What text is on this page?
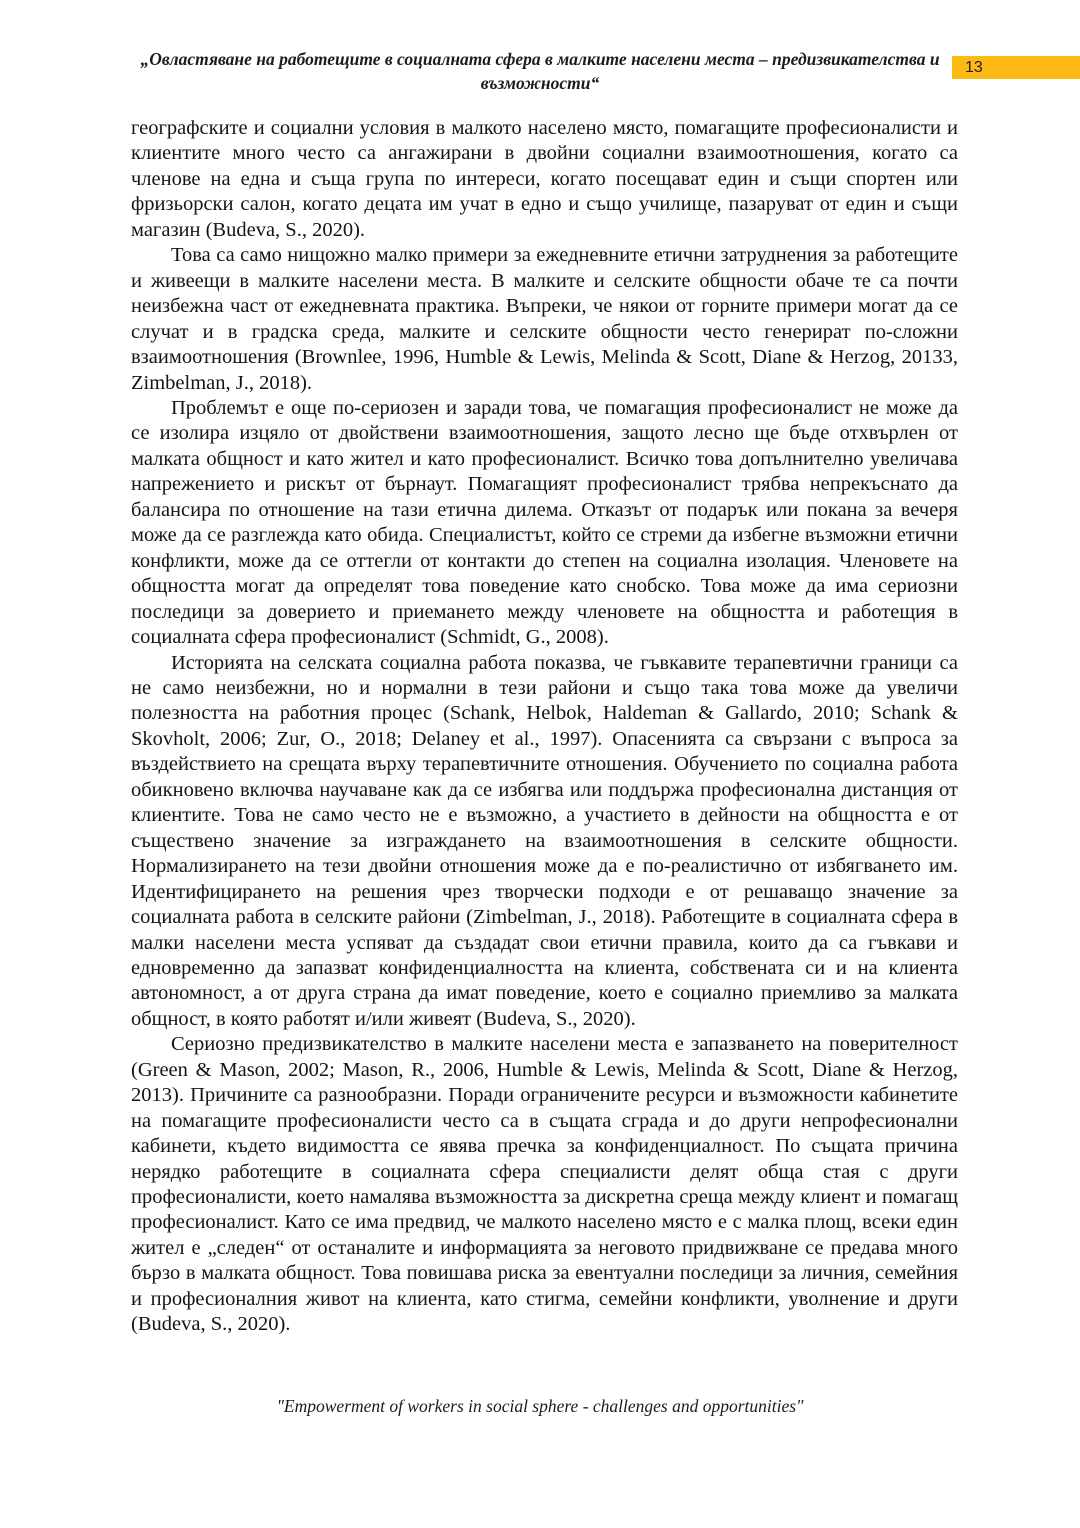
„Овластяване на работещите в социалната сфера в малките населени места – предизвикателства и възможности“
13

географските и социални условия в малкото населено място, помагащите професионалисти и клиентите много често са ангажирани в двойни социални взаимоотношения, когато са членове на една и съща група по интереси, когато посещават един и същи спортен или фризьорски салон, когато децата им учат в едно и също училище, пазаруват от един и същи магазин (Budeva, S., 2020).

Това са само нищожно малко примери за ежедневните етични затруднения за работещите и живеещи в малките населени места. В малките и селските общности обаче те са почти неизбежна част от ежедневната практика. Въпреки, че някои от горните примери могат да се случат и в градска среда, малките и селските общности често генерират по-сложни взаимоотношения (Brownlee, 1996, Humble & Lewis, Melinda & Scott, Diane & Herzog, 20133, Zimbelman, J., 2018).

Проблемът е още по-сериозен и заради това, че помагащия професионалист не може да се изолира изцяло от двойствени взаимоотношения, защото лесно ще бъде отхвърлен от малката общност и като жител и като професионалист. Всичко това допълнително увеличава напрежението и рискът от бърнаут. Помагащият професионалист трябва непрекъснато да балансира по отношение на тази етична дилема. Отказът от подарък или покана за вечеря може да се разглежда като обида. Специалистът, който се стреми да избегне възможни етични конфликти, може да се оттегли от контакти до степен на социална изолация. Членовете на общността могат да определят това поведение като снобско. Това може да има сериозни последици за доверието и приемането между членовете на общността и работещия в социалната сфера професионалист (Schmidt, G., 2008).

Историята на селската социална работа показва, че гъвкавите терапевтични граници са не само неизбежни, но и нормални в тези райони и също така това може да увеличи полезността на работния процес (Schank, Helbok, Haldeman & Gallardo, 2010; Schank & Skovholt, 2006; Zur, O., 2018; Delaney et al., 1997). Опасенията са свързани с въпроса за въздействието на срещата върху терапевтичните отношения. Обучението по социална работа обикновено включва научаване как да се избягва или поддържа професионална дистанция от клиентите. Това не само често не е възможно, а участието в дейности на общността е от съществено значение за изграждането на взаимоотношения в селските общности. Нормализирането на тези двойни отношения може да е по-реалистично от избягването им. Идентифицирането на решения чрез творчески подходи е от решаващо значение за социалната работа в селските райони (Zimbelman, J., 2018). Работещите в социалната сфера в малки населени места успяват да създадат свои етични правила, които да са гъвкави и едновременно да запазват конфиденциалността на клиента, собствената си и на клиента автономност, а от друга страна да имат поведение, което е социално приемливо за малката общност, в която работят и/или живеят (Budeva, S., 2020).

Сериозно предизвикателство в малките населени места е запазването на поверителност (Green & Mason, 2002; Mason, R., 2006, Humble & Lewis, Melinda & Scott, Diane & Herzog, 2013). Причините са разнообразни. Поради ограничените ресурси и възможности кабинетите на помагащите професионалисти често са в същата сграда и до други непрофесионални кабинети, където видимостта се явява пречка за конфиденциалност. По същата причина нерядко работещите в социалната сфера специалисти делят обща стая с други професионалисти, което намалява възможността за дискретна среща между клиент и помагащ професионалист. Като се има предвид, че малкото населено място е с малка площ, всеки един жител е „следен“ от останалите и информацията за неговото придвижване се предава много бързо в малката общност. Това повишава риска за евентуални последици за личния, семейния и професионалния живот на клиента, като стигма, семейни конфликти, уволнение и други (Budeva, S., 2020).

"Empowerment of workers in social sphere - challenges and opportunities"
